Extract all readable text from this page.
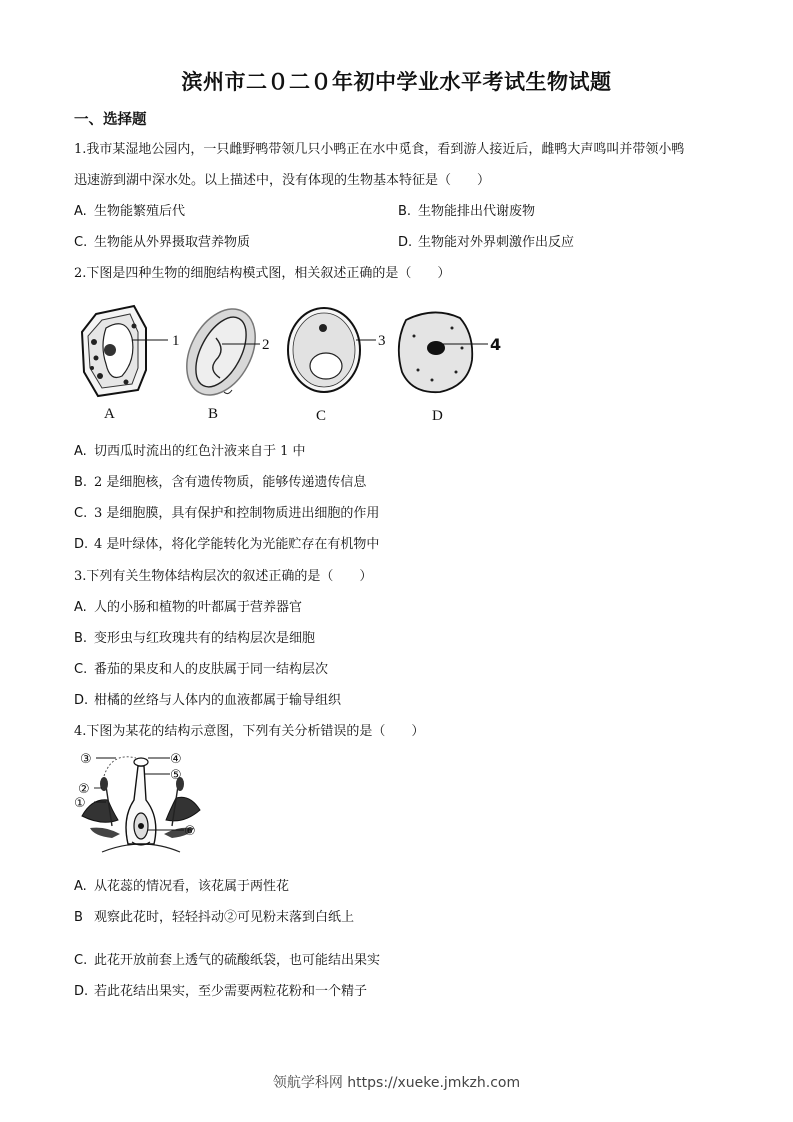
滨州市二０二０年初中学业水平考试生物试题
一、选择题
1.我市某湿地公园内，一只雌野鸭带领几只小鸭正在水中觅食，看到游人接近后，雌鸭大声鸣叫并带领小鸭
迅速游到湖中深水处。以上描述中，没有体现的生物基本特征是（　　）
A. 生物能繁殖后代	B. 生物能排出代谢废物
C. 生物能从外界摄取营养物质	D. 生物能对外界刺激作出反应
2.下图是四种生物的细胞结构模式图，相关叙述正确的是（　　）
1
A
2
B
3
C
4
D
A. 切西瓜时流出的红色汁液来自于 1 中
B. 2 是细胞核，含有遗传物质，能够传递遗传信息
C. 3 是细胞膜，具有保护和控制物质进出细胞的作用
D. 4 是叶绿体，将化学能转化为光能贮存在有机物中
3.下列有关生物体结构层次的叙述正确的是（　　）
A. 人的小肠和植物的叶都属于营养器官
B. 变形虫与红玫瑰共有的结构层次是细胞
C. 番茄的果皮和人的皮肤属于同一结构层次
D. 柑橘的丝络与人体内的血液都属于输导组织
4.下图为某花的结构示意图，下列有关分析错误的是（　　）
③	④
⑤
②
①
⑥
A. 从花蕊的情况看，该花属于两性花
B 观察此花时，轻轻抖动②可见粉末落到白纸上
C. 此花开放前套上透气的硫酸纸袋，也可能结出果实
D. 若此花结出果实，至少需要两粒花粉和一个精子
领航学科网 https://xueke.jmkzh.com
